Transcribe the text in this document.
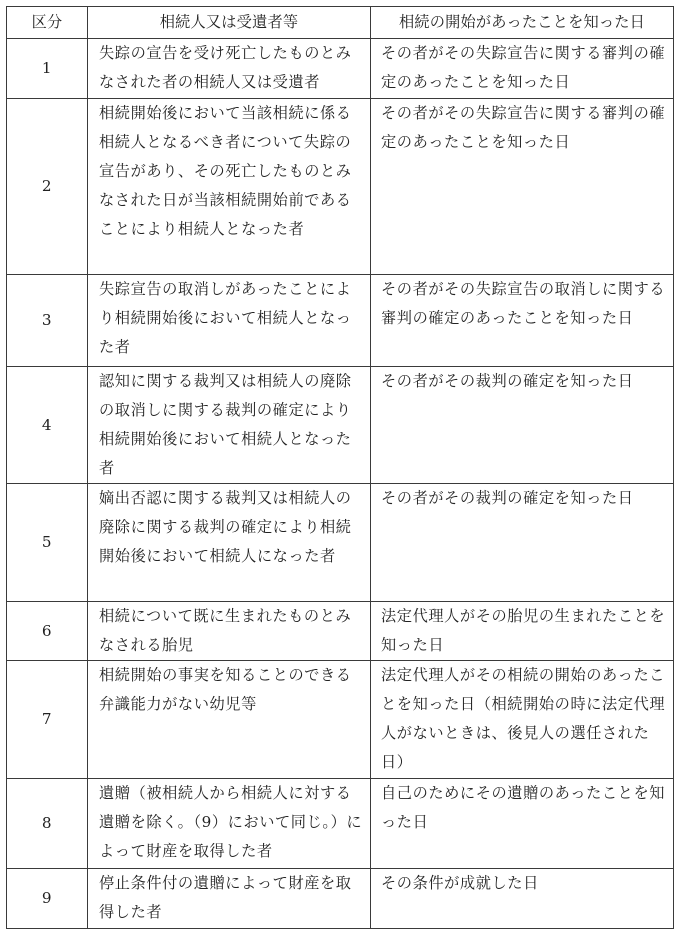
区分	相続人又は受遺者等	相続の開始があったことを知った日
1	失踪の宣告を受け死亡したものとみなされた者の相続人又は受遺者	その者がその失踪宣告に関する審判の確定のあったことを知った日
2	相続開始後において当該相続に係る相続人となるべき者について失踪の宣告があり、その死亡したものとみなされた日が当該相続開始前であることにより相続人となった者	その者がその失踪宣告に関する審判の確定のあったことを知った日
3	失踪宣告の取消しがあったことにより相続開始後において相続人となった者	その者がその失踪宣告の取消しに関する審判の確定のあったことを知った日
4	認知に関する裁判又は相続人の廃除の取消しに関する裁判の確定により相続開始後において相続人となった者	その者がその裁判の確定を知った日
5	嫡出否認に関する裁判又は相続人の廃除に関する裁判の確定により相続開始後において相続人になった者	その者がその裁判の確定を知った日
6	相続について既に生まれたものとみなされる胎児	法定代理人がその胎児の生まれたことを知った日
7	相続開始の事実を知ることのできる弁識能力がない幼児等	法定代理人がその相続の開始のあったことを知った日（相続開始の時に法定代理人がないときは、後見人の選任された日）
8	遺贈（被相続人から相続人に対する遺贈を除く。（9）において同じ。）によって財産を取得した者	自己のためにその遺贈のあったことを知った日
9	停止条件付の遺贈によって財産を取得した者	その条件が成就した日
